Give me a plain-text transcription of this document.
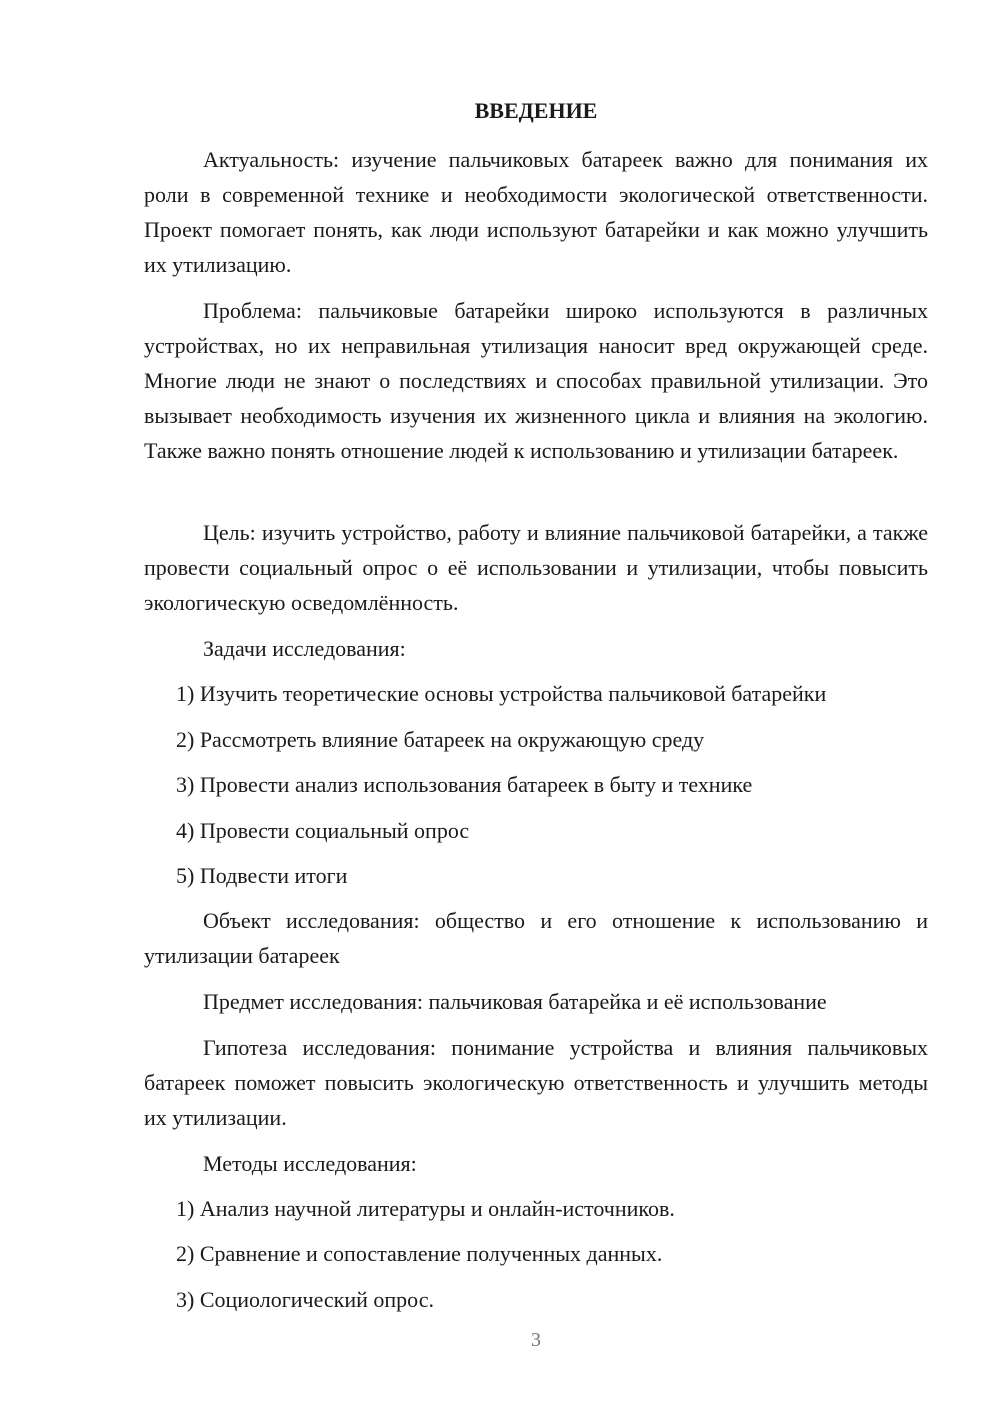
ВВЕДЕНИЕ

Актуальность: изучение пальчиковых батареек важно для понимания их роли в современной технике и необходимости экологической ответственности. Проект помогает понять, как люди используют батарейки и как можно улучшить их утилизацию.

Проблема: пальчиковые батарейки широко используются в различных устройствах, но их неправильная утилизация наносит вред окружающей среде. Многие люди не знают о последствиях и способах правильной утилизации. Это вызывает необходимость изучения их жизненного цикла и влияния на экологию. Также важно понять отношение людей к использованию и утилизации батареек.

Цель: изучить устройство, работу и влияние пальчиковой батарейки, а также провести социальный опрос о её использовании и утилизации, чтобы повысить экологическую осведомлённость.

Задачи исследования:

1) Изучить теоретические основы устройства пальчиковой батарейки

2) Рассмотреть влияние батареек на окружающую среду

3) Провести анализ использования батареек в быту и технике

4) Провести социальный опрос

5) Подвести итоги

Объект исследования: общество и его отношение к использованию и утилизации батареек

Предмет исследования: пальчиковая батарейка и её использование

Гипотеза исследования: понимание устройства и влияния пальчиковых батареек поможет повысить экологическую ответственность и улучшить методы их утилизации.

Методы исследования:

1) Анализ научной литературы и онлайн-источников.

2) Сравнение и сопоставление полученных данных.

3) Социологический опрос.

3
